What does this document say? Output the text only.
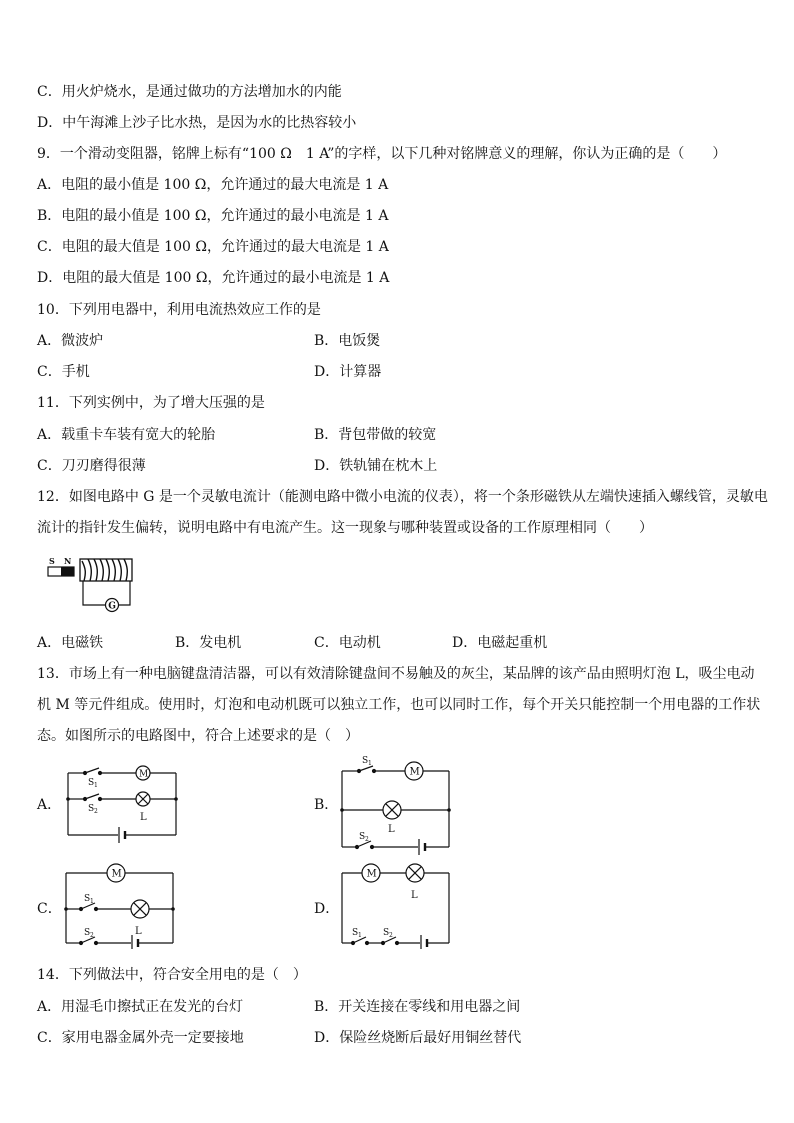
C．用火炉烧水，是通过做功的方法增加水的内能

D．中午海滩上沙子比水热，是因为水的比热容较小

9．一个滑动变阻器，铭牌上标有“100 Ω　1 A”的字样，以下几种对铭牌意义的理解，你认为正确的是（　　）

A．电阻的最小值是 100 Ω，允许通过的最大电流是 1 A

B．电阻的最小值是 100 Ω，允许通过的最小电流是 1 A

C．电阻的最大值是 100 Ω，允许通过的最大电流是 1 A

D．电阻的最大值是 100 Ω，允许通过的最小电流是 1 A

10．下列用电器中，利用电流热效应工作的是

A．微波炉	B．电饭煲
C．手机	D．计算器

11．下列实例中，为了增大压强的是

A．载重卡车装有宽大的轮胎	B．背包带做的较宽
C．刀刃磨得很薄	D．铁轨铺在枕木上

12．如图电路中 G 是一个灵敏电流计（能测电路中微小电流的仪表），将一个条形磁铁从左端快速插入螺线管，灵敏电

流计的指针发生偏转，说明电路中有电流产生。这一现象与哪种装置或设备的工作原理相同（　　）

S N
G
A．电磁铁	B．发电机	C．电动机	D．电磁起重机

13．市场上有一种电脑键盘清洁器，可以有效清除键盘间不易触及的灰尘，某品牌的该产品由照明灯泡 L，吸尘电动

机 M 等元件组成。使用时，灯泡和电动机既可以独立工作，也可以同时工作，每个开关只能控制一个用电器的工作状

态。如图所示的电路图中，符合上述要求的是（　）

A．
M
S 1
S 2
L
B．
M
S 1
L
S 2
C．
M
S 1
S 2	L
D．
M
L
S 1 S 2

14．下列做法中，符合安全用电的是（　）

A．用湿毛巾擦拭正在发光的台灯	B．开关连接在零线和用电器之间
C．家用电器金属外壳一定要接地	D．保险丝烧断后最好用铜丝替代
